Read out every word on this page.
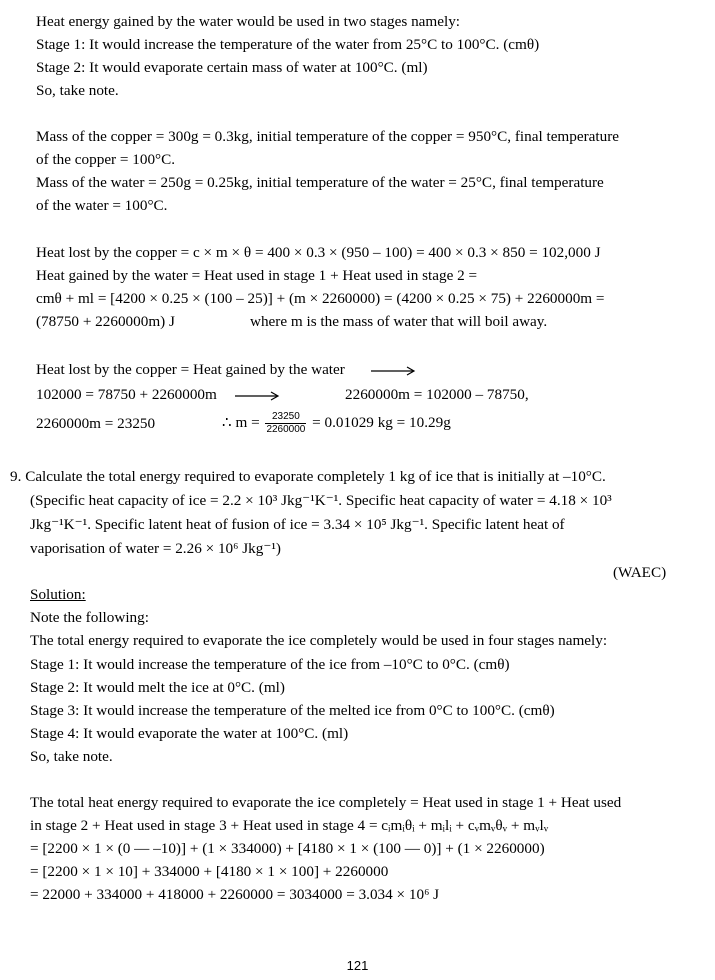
Heat energy gained by the water would be used in two stages namely:
Stage 1: It would increase the temperature of the water from 25°C to 100°C. (cmθ)
Stage 2: It would evaporate certain mass of water at 100°C. (ml)
So, take note.
Mass of the copper = 300g = 0.3kg, initial temperature of the copper = 950°C, final temperature
of the copper = 100°C.
Mass of the water = 250g = 0.25kg, initial temperature of the water = 25°C, final temperature
of the water = 100°C.
Heat lost by the copper = c × m × θ = 400 × 0.3 × (950 – 100) = 400 × 0.3 × 850 = 102,000 J
Heat gained by the water = Heat used in stage 1 + Heat used in stage 2 =
cmθ + ml = [4200 × 0.25 × (100 – 25)] + (m × 2260000) = (4200 × 0.25 × 75) + 2260000m =
(78750 + 2260000m) J	where m is the mass of water that will boil away.
Heat lost by the copper = Heat gained by the water
102000 = 78750 + 2260000m	2260000m = 102000 – 78750,
2260000m = 23250	∴ $m = \frac{23250}{2260000} = 0.01029$ kg = 10.29g
9. Calculate the total energy required to evaporate completely 1 kg of ice that is initially at –10°C.
(Specific heat capacity of ice = 2.2 × 10³ Jkg⁻¹K⁻¹. Specific heat capacity of water = 4.18 × 10³
Jkg⁻¹K⁻¹. Specific latent heat of fusion of ice = 3.34 × 10⁵ Jkg⁻¹. Specific latent heat of
vaporisation of water = 2.26 × 10⁶ Jkg⁻¹)
(WAEC)
Solution:
Note the following:
The total energy required to evaporate the ice completely would be used in four stages namely:
Stage 1: It would increase the temperature of the ice from –10°C to 0°C. (cmθ)
Stage 2: It would melt the ice at 0°C. (ml)
Stage 3: It would increase the temperature of the melted ice from 0°C to 100°C. (cmθ)
Stage 4: It would evaporate the water at 100°C. (ml)
So, take note.
The total heat energy required to evaporate the ice completely = Heat used in stage 1 + Heat used
in stage 2 + Heat used in stage 3 + Heat used in stage 4 = cᵢmᵢθᵢ + mᵢlᵢ + cᵥmᵥθᵥ + mᵥlᵥ
= [2200 × 1 × (0 — –10)] + (1 × 334000) + [4180 × 1 × (100 — 0)] + (1 × 2260000)
= [2200 × 1 × 10] + 334000 + [4180 × 1 × 100] + 2260000
= 22000 + 334000 + 418000 + 2260000 = 3034000 = 3.034 × 10⁶ J
121
